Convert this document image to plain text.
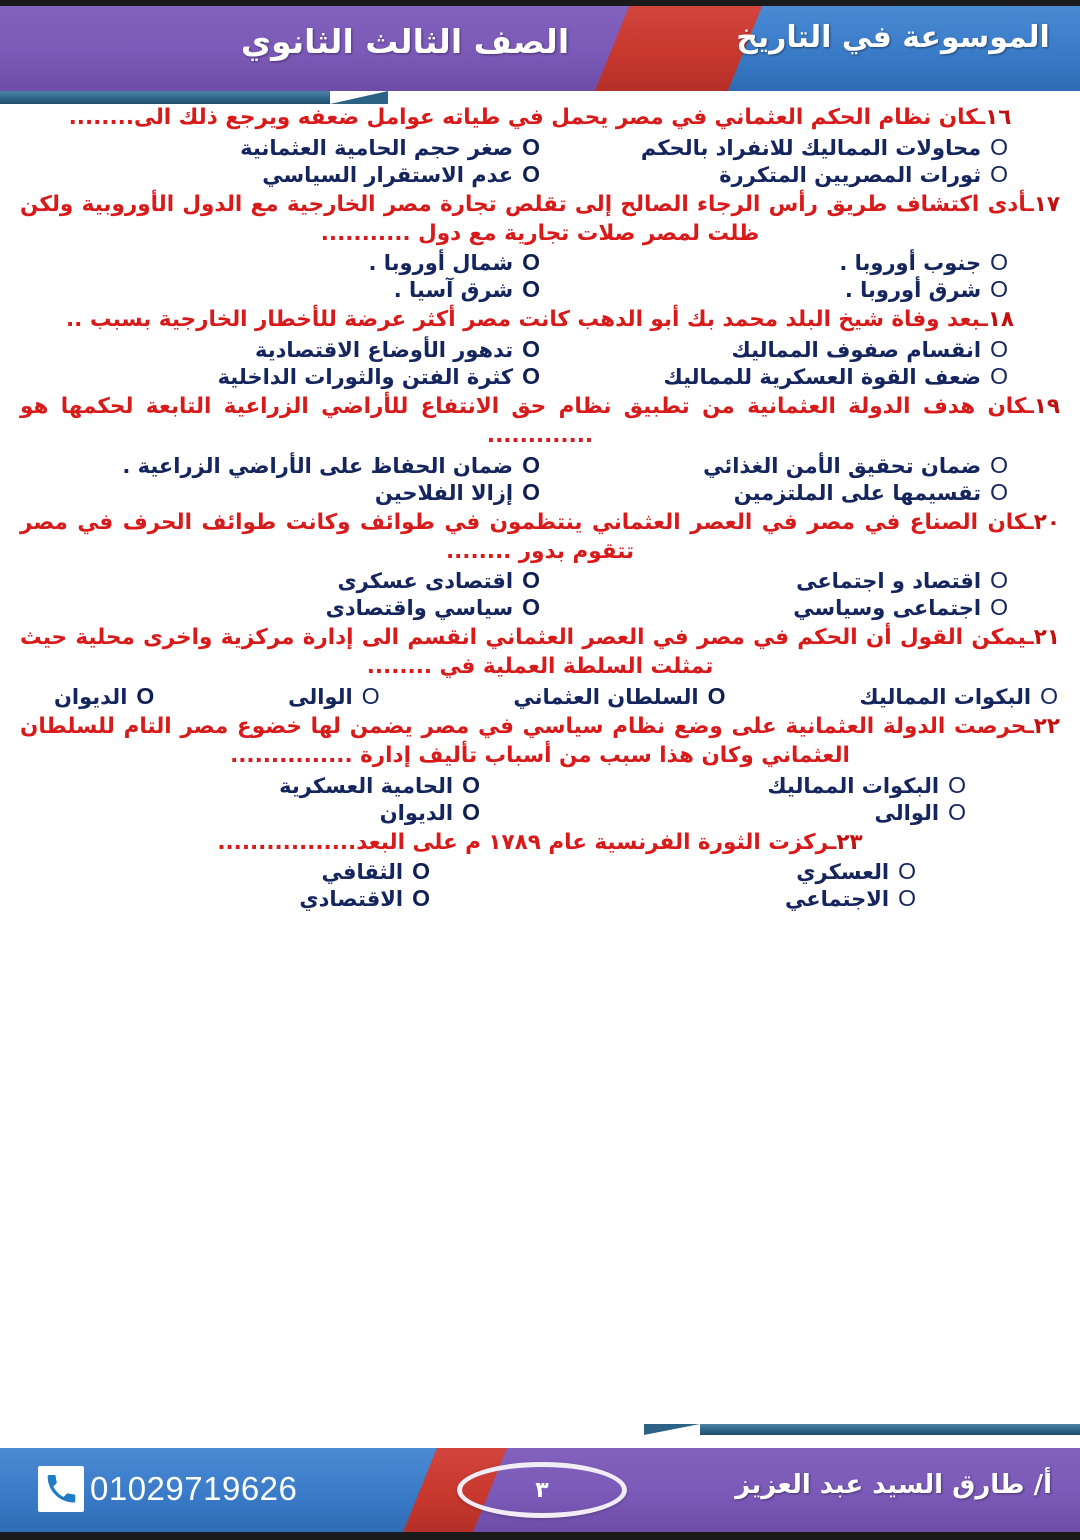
الموسوعة في التاريخ
الصف الثالث الثانوي
١٦ـكان نظام الحكم العثماني في مصر يحمل في طياته عوامل ضعفه ويرجع ذلك الى........
O
محاولات المماليك للانفراد بالحكم
O
صغر حجم الحامية العثمانية
O
ثورات المصريين المتكررة
O
عدم الاستقرار السياسي
١٧ـأدى اكتشاف طريق رأس الرجاء الصالح إلى تقلص تجارة مصر الخارجية مع الدول الأوروبية ولكن ظلت لمصر صلات تجارية مع دول ...........
O
جنوب أوروبا .
O
شمال أوروبا .
O
شرق أوروبا .
O
شرق آسيا .
١٨ـبعد وفاة شيخ البلد محمد بك أبو الدهب كانت مصر أكثر عرضة للأخطار الخارجية بسبب ..
O
انقسام صفوف المماليك
O
تدهور الأوضاع الاقتصادية
O
ضعف القوة العسكرية للمماليك
O
كثرة الفتن والثورات الداخلية
١٩ـكان هدف الدولة العثمانية من تطبيق نظام حق الانتفاع للأراضي الزراعية التابعة لحكمها هو .............
O
ضمان تحقيق الأمن الغذائي
O
ضمان الحفاظ على الأراضي الزراعية .
O
تقسيمها على الملتزمين
O
إزالا الفلاحين
٢٠ـكان الصناع في مصر في العصر العثماني ينتظمون في طوائف وكانت طوائف الحرف في مصر تتقوم بدور ........
O
اقتصاد و اجتماعى
O
اقتصادى عسكرى
O
اجتماعى وسياسي
O
سياسي واقتصادى
٢١ـيمكن القول أن الحكم في مصر في العصر العثماني انقسم الى إدارة مركزية واخرى محلية حيث تمثلت السلطة العملية في ........
O
البكوات المماليك
O
السلطان العثماني
O
الوالى
O
الديوان
٢٢ـحرصت الدولة العثمانية على وضع نظام سياسي في مصر يضمن لها خضوع مصر التام للسلطان العثماني وكان هذا سبب من أسباب تأليف إدارة ...............
O
البكوات المماليك
O
الحامية العسكرية
O
الوالى
O
الديوان
٢٣ـركزت الثورة الفرنسية عام ١٧٨٩ م على البعد.................
O
العسكري
O
الثقافي
O
الاجتماعي
O
الاقتصادي
أ/ طارق السيد عبد العزيز
٣
01029719626
